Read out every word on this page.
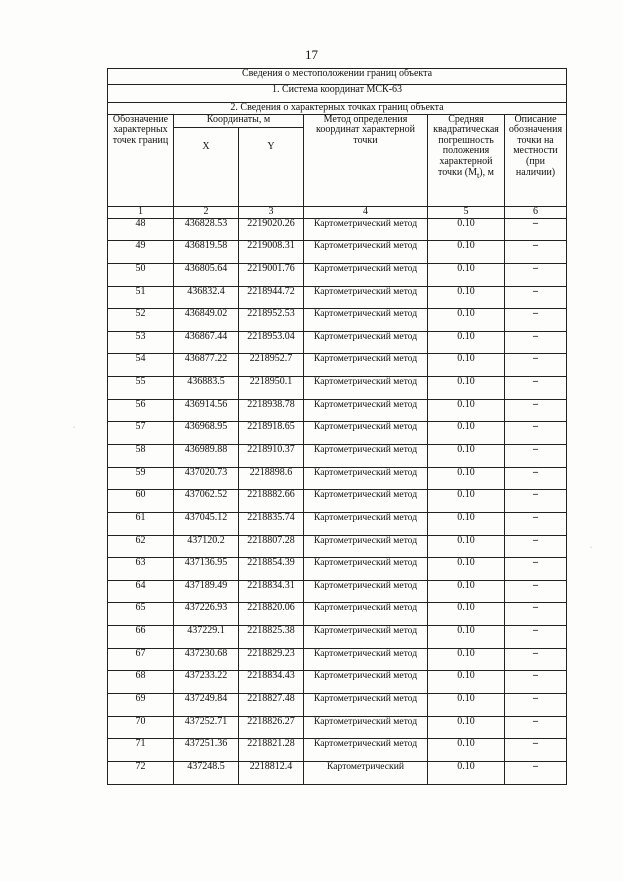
17
Сведения о местоположении границ объекта					
1. Система координат МСК-63					
2. Сведения о характерных точках границ объекта					
Обозначение характерных точек границ	Координаты, м		Метод определения координат характерной точки	Средняя квадратическая погрешность положения характерной точки $(M_t)$, м	Описание обозначения точки на местности (при наличии)
	X	Y			
1	2	3	4	5	6
48	436828.53	2219020.26	Картометрический метод	0.10	–
49	436819.58	2219008.31	Картометрический метод	0.10	–
50	436805.64	2219001.76	Картометрический метод	0.10	–
51	436832.4	2218944.72	Картометрический метод	0.10	–
52	436849.02	2218952.53	Картометрический метод	0.10	–
53	436867.44	2218953.04	Картометрический метод	0.10	–
54	436877.22	2218952.7	Картометрический метод	0.10	–
55	436883.5	2218950.1	Картометрический метод	0.10	–
56	436914.56	2218938.78	Картометрический метод	0.10	–
57	436968.95	2218918.65	Картометрический метод	0.10	–
58	436989.88	2218910.37	Картометрический метод	0.10	–
59	437020.73	2218898.6	Картометрический метод	0.10	–
60	437062.52	2218882.66	Картометрический метод	0.10	–
61	437045.12	2218835.74	Картометрический метод	0.10	–
62	437120.2	2218807.28	Картометрический метод	0.10	–
63	437136.95	2218854.39	Картометрический метод	0.10	–
64	437189.49	2218834.31	Картометрический метод	0.10	–
65	437226.93	2218820.06	Картометрический метод	0.10	–
66	437229.1	2218825.38	Картометрический метод	0.10	–
67	437230.68	2218829.23	Картометрический метод	0.10	–
68	437233.22	2218834.43	Картометрический метод	0.10	–
69	437249.84	2218827.48	Картометрический метод	0.10	–
70	437252.71	2218826.27	Картометрический метод	0.10	–
71	437251.36	2218821.28	Картометрический метод	0.10	–
72	437248.5	2218812.4	Картометрический	0.10	–
·
·
